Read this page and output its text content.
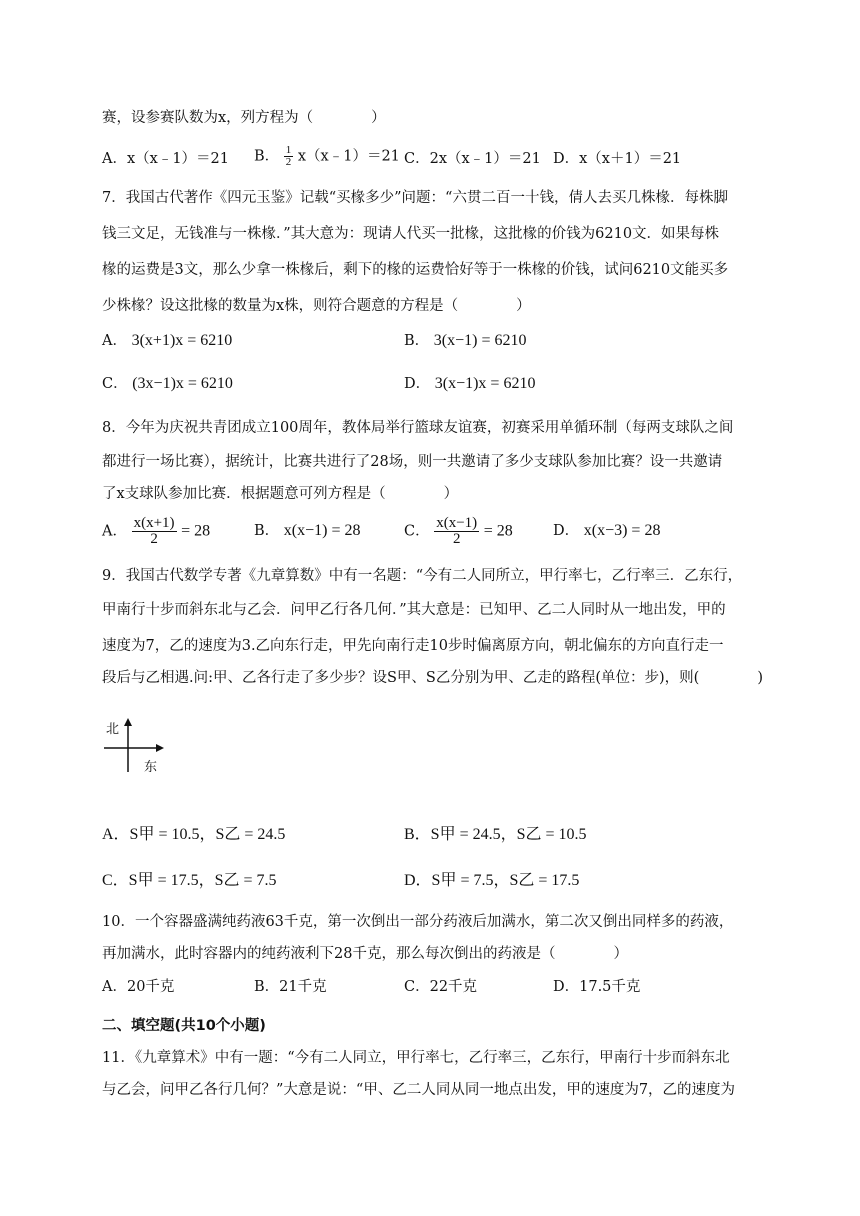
赛，设参赛队数为x，列方程为（　　　　）
A．x（x﹣1）＝21 B． $\frac{1}{2}$ x（x﹣1）＝21 C．2x（x﹣1）＝21 D．x（x＋1）＝21
7．我国古代著作《四元玉鉴》记载“买椽多少”问题：“六贯二百一十钱，倩人去买几株椽．每株脚
钱三文足，无钱准与一株椽．”其大意为：现请人代买一批椽，这批椽的价钱为6210文．如果每株
椽的运费是3文，那么少拿一株椽后，剩下的椽的运费恰好等于一株椽的价钱，试问6210文能买多
少株椽？设这批椽的数量为x株，则符合题意的方程是（　　　　）
A． 3(x+1)x = 6210	B． 3(x−1) = 6210
C． (3x−1)x = 6210	D． 3(x−1)x = 6210
8．今年为庆祝共青团成立100周年，教体局举行篮球友谊赛，初赛采用单循环制（每两支球队之间
都进行一场比赛），据统计，比赛共进行了28场，则一共邀请了多少支球队参加比赛？设一共邀请
了x支球队参加比赛．根据题意可列方程是（　　　　）
A． $\frac{x(x+1)}{2} = 28$	B． x(x−1) = 28	C． $\frac{x(x-1)}{2} = 28$	D． x(x−3) = 28
9．我国古代数学专著《九章算数》中有一名题：“今有二人同所立，甲行率七，乙行率三．乙东行，
甲南行十步而斜东北与乙会．问甲乙行各几何．”其大意是：已知甲、乙二人同时从一地出发，甲的
速度为7，乙的速度为3.乙向东行走，甲先向南行走10步时偏离原方向，朝北偏东的方向直行走一
段后与乙相遇.问:甲、乙各行走了多少步？设S甲、S乙分别为甲、乙走的路程(单位：步)，则(　　　　)
北
东
A．S甲 = 10.5，S乙 = 24.5	B．S甲 = 24.5，S乙 = 10.5
C．S甲 = 17.5，S乙 = 7.5	D．S甲 = 7.5，S乙 = 17.5
10．一个容器盛满纯药液63千克，第一次倒出一部分药液后加满水，第二次又倒出同样多的药液，
再加满水，此时容器内的纯药液利下28千克，那么每次倒出的药液是（　　　　）
A．20千克	B．21千克	C．22千克	D．17.5千克
二、填空题(共10个小题)
11．《九章算术》中有一题：“今有二人同立，甲行率七，乙行率三，乙东行，甲南行十步而斜东北
与乙会，问甲乙各行几何？”大意是说：“甲、乙二人同从同一地点出发，甲的速度为7，乙的速度为
